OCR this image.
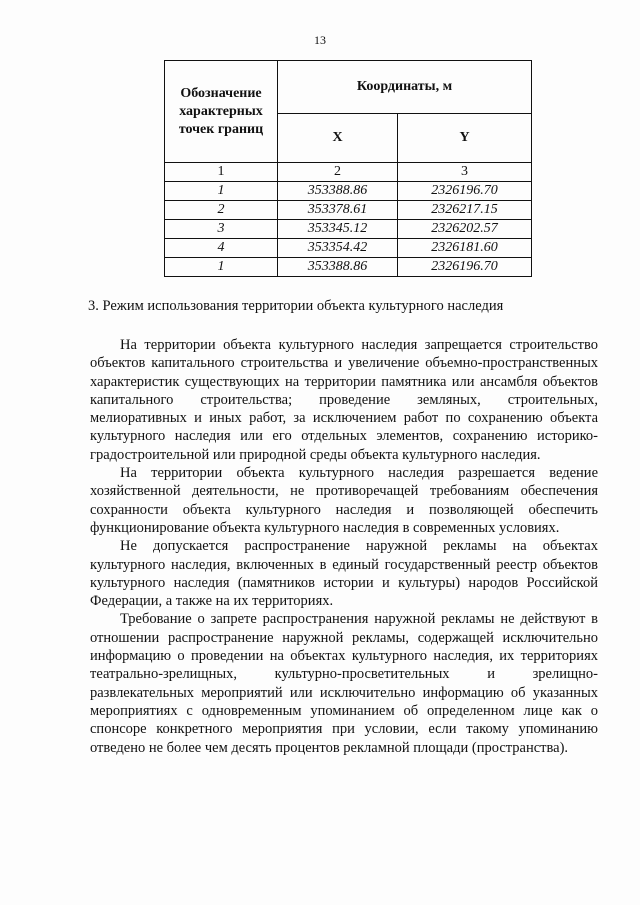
13
Обозначение характерных точек границ	Координаты, м	
	X	Y
1	2	3
1	353388.86	2326196.70
2	353378.61	2326217.15
3	353345.12	2326202.57
4	353354.42	2326181.60
1	353388.86	2326196.70
3. Режим использования территории объекта культурного наследия

На территории объекта культурного наследия запрещается строительство объектов капитального строительства и увеличение объемно-пространственных характеристик существующих на территории памятника или ансамбля объектов капитального строительства; проведение земляных, строительных, мелиоративных и иных работ, за исключением работ по сохранению объекта культурного наследия или его отдельных элементов, сохранению историко-градостроительной или природной среды объекта культурного наследия.

На территории объекта культурного наследия разрешается ведение хозяйственной деятельности, не противоречащей требованиям обеспечения сохранности объекта культурного наследия и позволяющей обеспечить функционирование объекта культурного наследия в современных условиях.

Не допускается распространение наружной рекламы на объектах культурного наследия, включенных в единый государственный реестр объектов культурного наследия (памятников истории и культуры) народов Российской Федерации, а также на их территориях.

Требование о запрете распространения наружной рекламы не действуют в отношении распространение наружной рекламы, содержащей исключительно информацию о проведении на объектах культурного наследия, их территориях театрально-зрелищных, культурно-просветительных и зрелищно-развлекательных мероприятий или исключительно информацию об указанных мероприятиях с одновременным упоминанием об определенном лице как о спонсоре конкретного мероприятия при условии, если такому упоминанию отведено не более чем десять процентов рекламной площади (пространства).
